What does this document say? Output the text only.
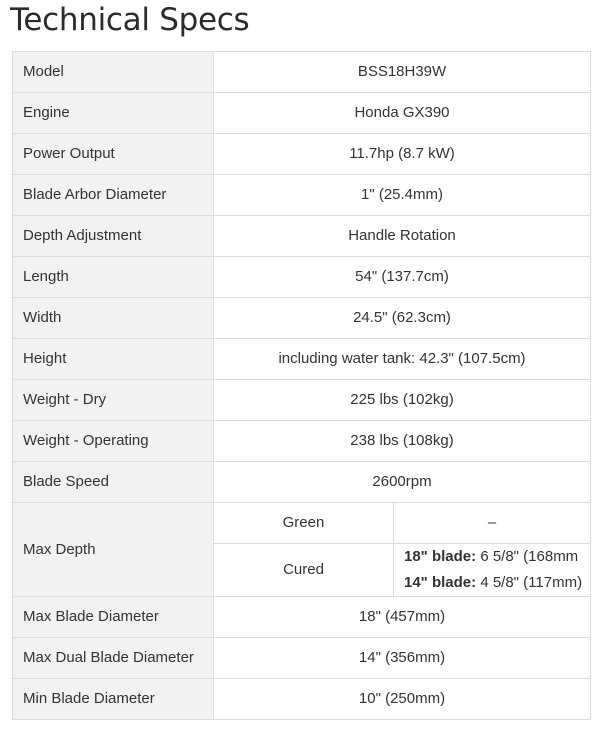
Technical Specs
Model	BSS18H39W	
Engine	Honda GX390	
Power Output	11.7hp (8.7 kW)	
Blade Arbor Diameter	1" (25.4mm)	
Depth Adjustment	Handle Rotation	
Length	54" (137.7cm)	
Width	24.5" (62.3cm)	
Height	including water tank: 42.3" (107.5cm)	
Weight - Dry	225 lbs (102kg)	
Weight - Operating	238 lbs (108kg)	
Blade Speed	2600rpm	
Max Depth	Green	–
	Cured	18" blade: 6 5/8" (168mm
14" blade: 4 5/8" (117mm)

Max Blade Diameter	18" (457mm)	
Max Dual Blade Diameter	14" (356mm)	
Min Blade Diameter	10" (250mm)	
